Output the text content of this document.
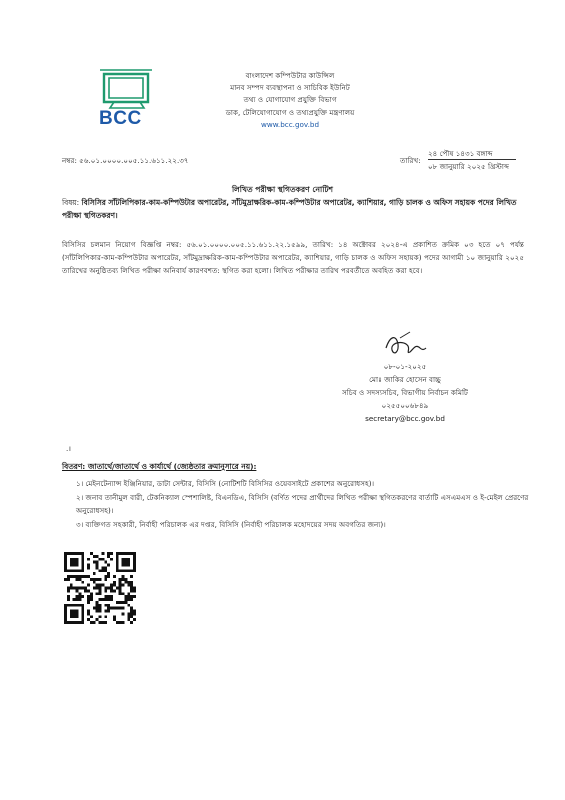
BCC
বাংলাদেশ কম্পিউটার কাউন্সিল
মানব সম্পদ ব্যবস্থাপনা ও সাচিবিক ইউনিট
তথ্য ও যোগাযোগ প্রযুক্তি বিভাগ
ডাক, টেলিযোগাযোগ ও তথ্যপ্রযুক্তি মন্ত্রণালয়
www.bcc.gov.bd
নম্বর: ৫৬.০১.০০০০.০০৫.১১.৬১১.২২.৩৭	তারিখ:
২৪ পৌষ ১৪৩১ বঙ্গাব্দ
০৮ জানুয়ারি ২০২৫ খ্রিস্টাব্দ
লিখিত পরীক্ষা স্থগিতকরণ নোটিশ
বিষয়: বিসিসির সাঁটলিপিকার-কাম-কম্পিউটার অপারেটর, সাঁটমুদ্রাক্ষরিক-কাম-কম্পিউটার অপারেটর, ক্যাশিয়ার, গাড়ি চালক ও অফিস সহায়ক পদের লিখিত পরীক্ষা স্থগিতকরণ।
বিসিসির চলমান নিয়োগ বিজ্ঞপ্তি নম্বর: ৫৬.০১.০০০০.০০৫.১১.৬১১.২২.১৫৯৯, তারিখ: ১৪ অক্টোবর ২০২৪-এ প্রকাশিত ক্রমিক ০৩ হতে ০৭ পর্যন্ত (সাঁটলিপিকার-কাম-কম্পিউটার অপারেটর, সাঁটমুদ্রাক্ষরিক-কাম-কম্পিউটার অপারেটর, ক্যাশিয়ার, গাড়ি চালক ও অফিস সহায়ক) পদের আগামী ১০ জানুয়ারি ২০২৫ তারিখের অনুষ্ঠিতব্য লিখিত পরীক্ষা অনিবার্য কারণবশত: স্থগিত করা হলো। লিখিত পরীক্ষার তারিখ পরবর্তীতে অবহিত করা হবে।
০৮-০১-২০২৫
মোঃ জাকির হোসেন বাচ্চু
সচিব ও সদস্যসচিব, বিভাগীয় নির্বাচন কমিটি
০২৫৫০০৬৮৪৯
secretary@bcc.gov.bd
.।
বিতরণ: জাতার্থে/জাতার্থে ও কার্যার্থে (জ্যেষ্ঠতার ক্রমানুসারে নয়):
১। মেইনটেন্যান্স ইঞ্জিনিয়ার, ডাটা সেন্টার, বিসিসি (নোটিশটি বিসিসির ওয়েবসাইটে প্রকাশের অনুরোধসহ)।
২। জনাব তানীমুল বারী, টেকনিক্যাল স্পেশালিষ্ট, বিএনডিএ, বিসিসি (বর্ণিত পদের প্রার্থীদের লিখিত পরীক্ষা স্থগিতকরণের বার্তাটি এসএমএস ও ই-মেইল প্রেরণের অনুরোধসহ)।
৩। ব্যক্তিগত সহকারী, নির্বাহী পরিচালক এর দপ্তর, বিসিসি (নির্বাহী পরিচালক মহোদয়ের সদয় অবগতির জন্য)।
